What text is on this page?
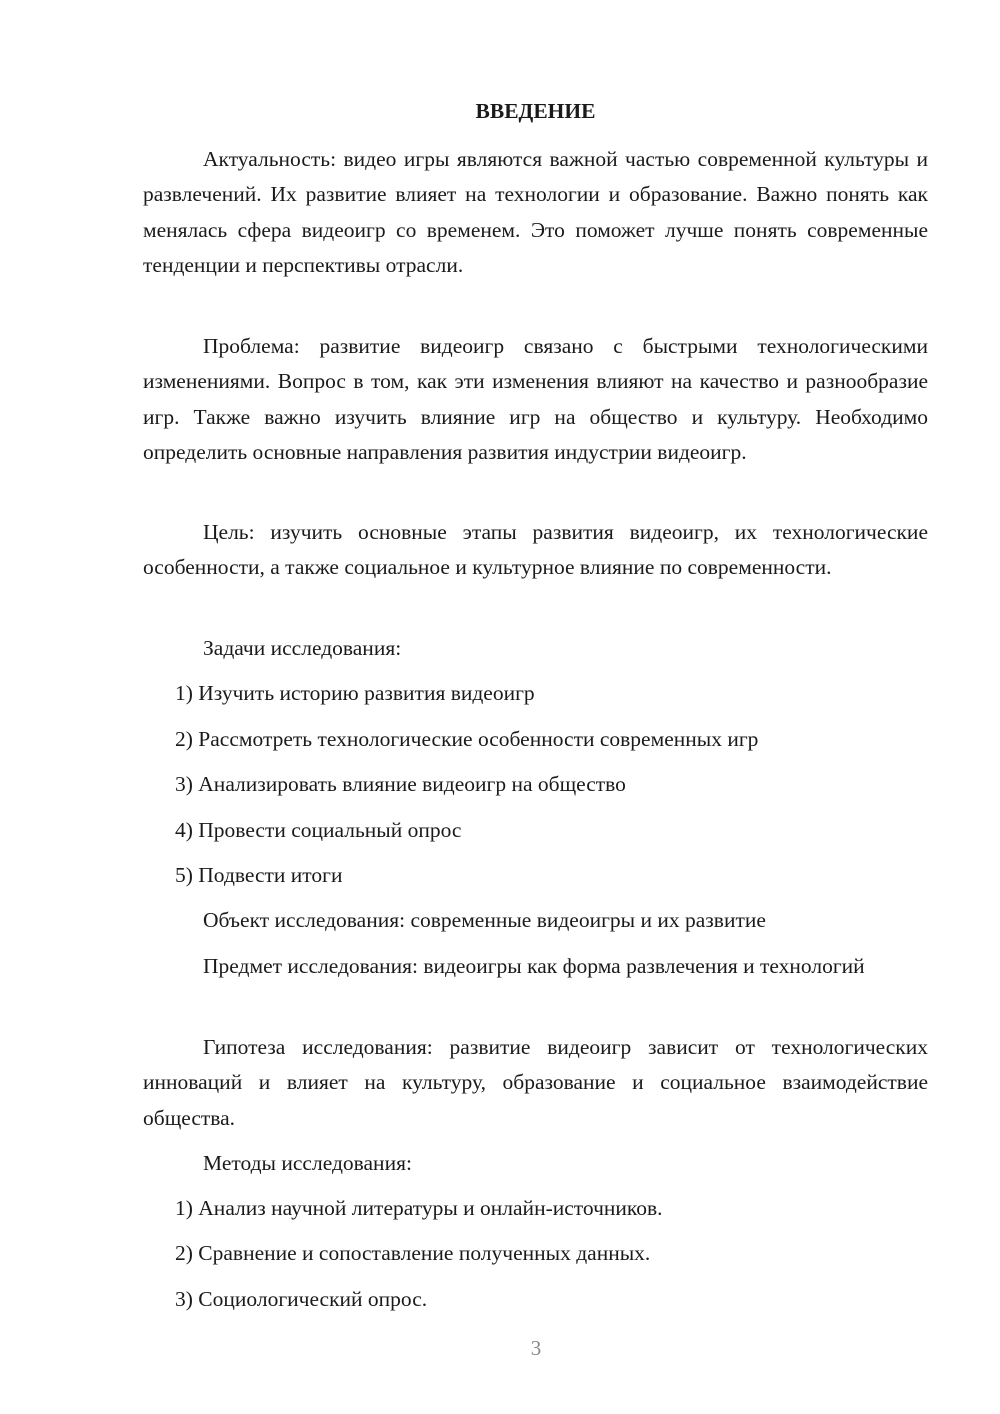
ВВЕДЕНИЕ

Актуальность: видео игры являются важной частью современной культуры и развлечений. Их развитие влияет на технологии и образование. Важно понять как менялась сфера видеоигр со временем. Это поможет лучше понять современные тенденции и перспективы отрасли.

Проблема: развитие видеоигр связано с быстрыми технологическими изменениями. Вопрос в том, как эти изменения влияют на качество и разнообразие игр. Также важно изучить влияние игр на общество и культуру. Необходимо определить основные направления развития индустрии видеоигр.

Цель: изучить основные этапы развития видеоигр, их технологические особенности, а также социальное и культурное влияние по современности.

Задачи исследования:
1) Изучить историю развития видеоигр
2) Рассмотреть технологические особенности современных игр
3) Анализировать влияние видеоигр на общество
4) Провести социальный опрос
5) Подвести итоги
Объект исследования: современные видеоигры и их развитие

Предмет исследования: видеоигры как форма развлечения и технологий

Гипотеза исследования: развитие видеоигр зависит от технологических инноваций и влияет на культуру, образование и социальное взаимодействие общества.

Методы исследования:
1) Анализ научной литературы и онлайн-источников.
2) Сравнение и сопоставление полученных данных.
3) Социологический опрос.
3
